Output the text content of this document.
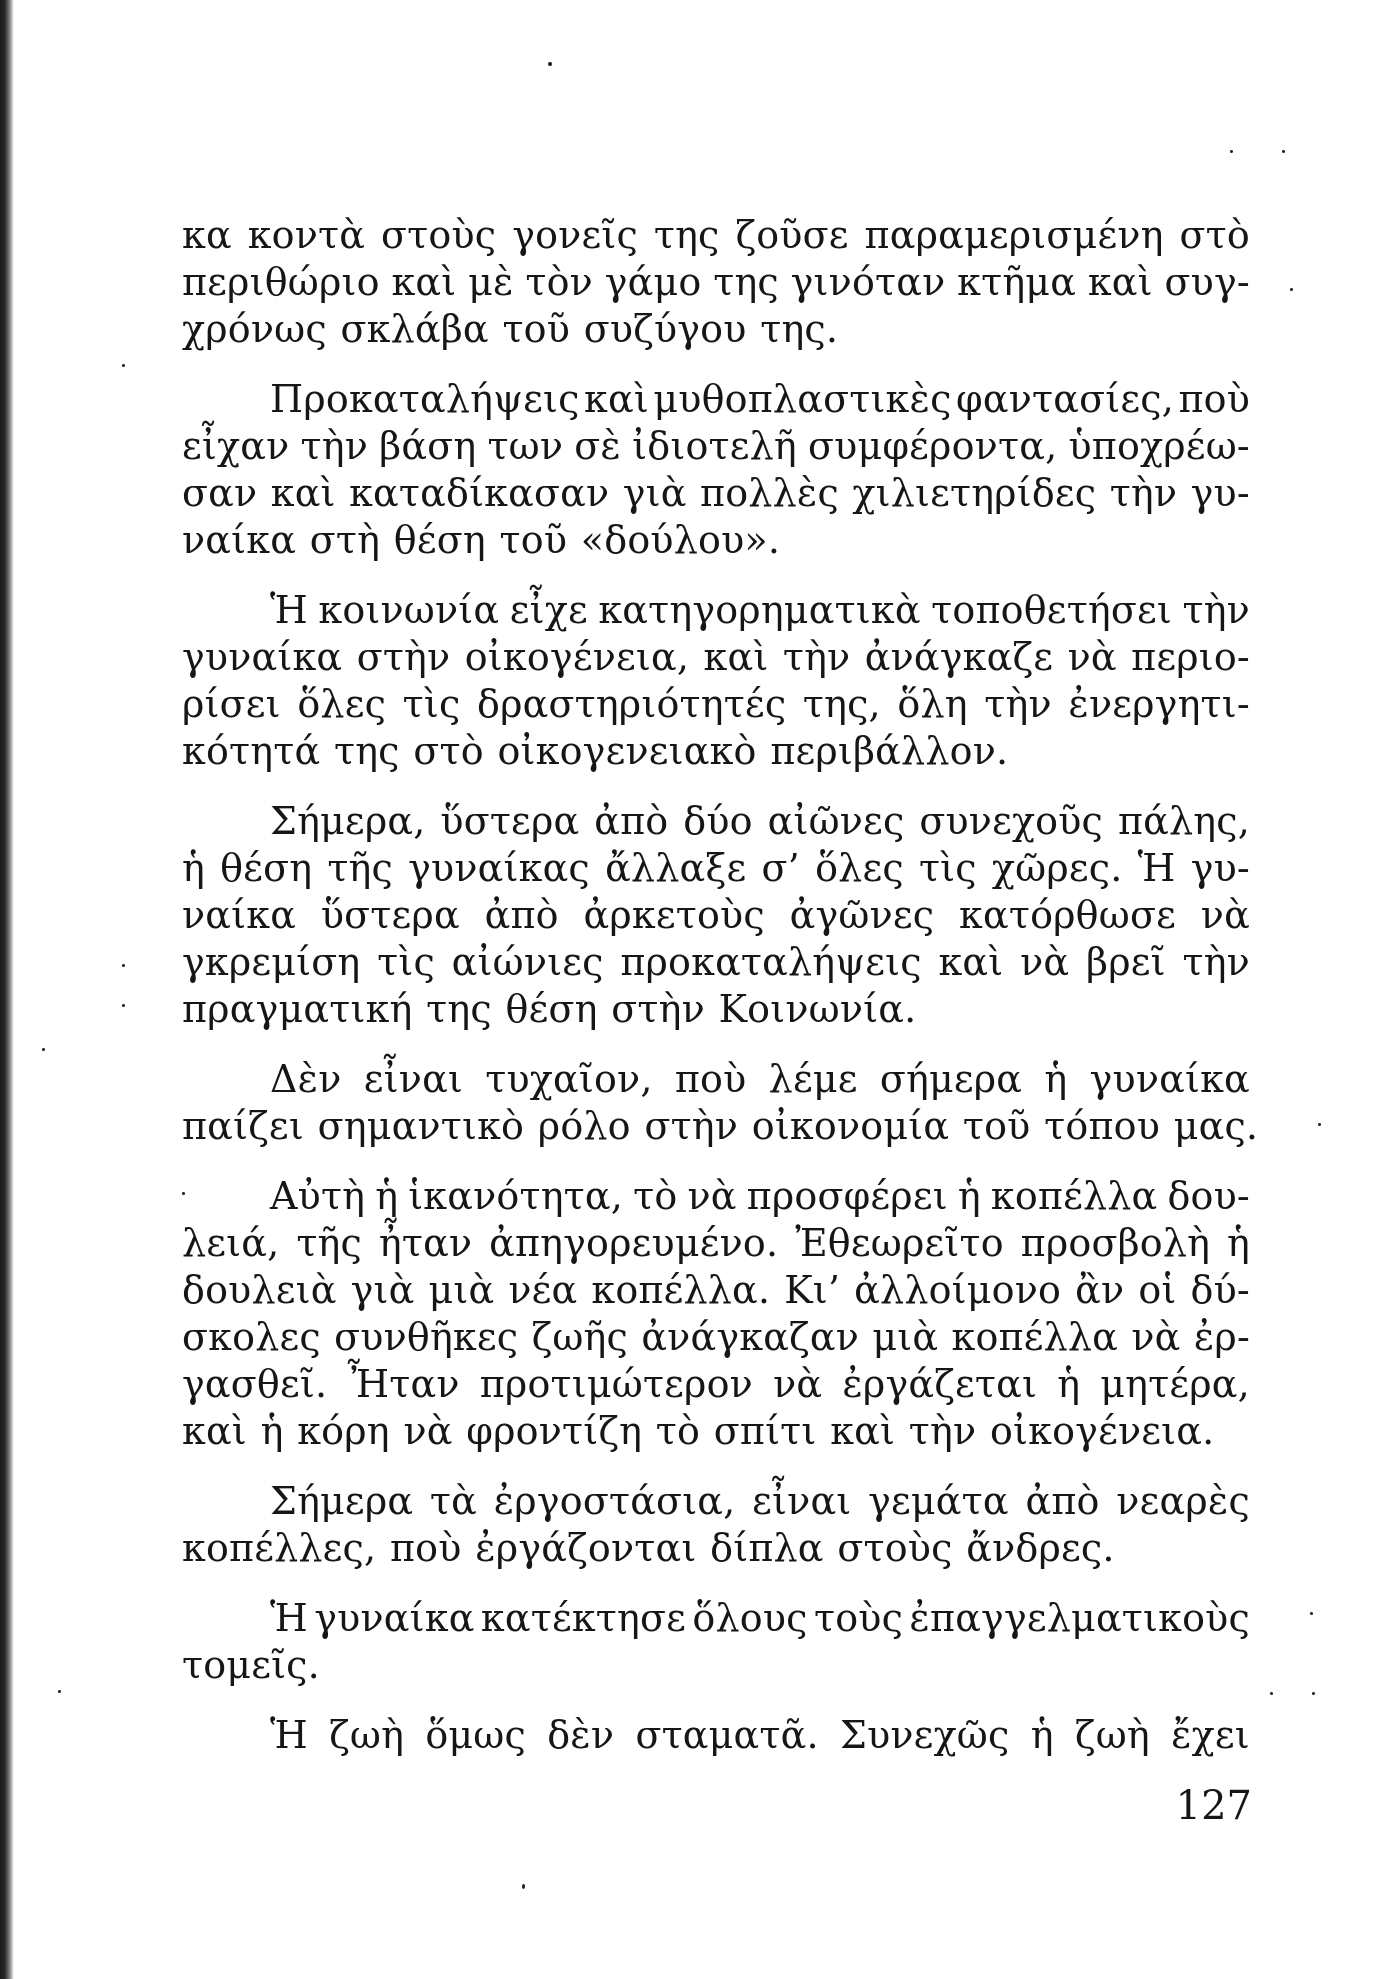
κα κοντὰ στοὺς γονεῖς της ζοῦσε παραμερισμένη στὸ
περιθώριο καὶ μὲ τὸν γάμο της γινόταν κτῆμα καὶ συγ-
χρόνως σκλάβα τοῦ συζύγου της.
Προκαταλήψεις καὶ μυθοπλαστικὲς φαντασίες, ποὺ
εἶχαν τὴν βάση των σὲ ἰδιοτελῆ συμφέροντα, ὑποχρέω-
σαν καὶ καταδίκασαν γιὰ πολλὲς χιλιετηρίδες τὴν γυ-
ναίκα στὴ θέση τοῦ «δούλου».
Ἡ κοινωνία εἶχε κατηγορηματικὰ τοποθετήσει τὴν
γυναίκα στὴν οἰκογένεια, καὶ τὴν ἀνάγκαζε νὰ περιο-
ρίσει ὅλες τὶς δραστηριότητές της, ὅλη τὴν ἐνεργητι-
κότητά της στὸ οἰκογενειακὸ περιβάλλον.
Σήμερα, ὕστερα ἀπὸ δύο αἰῶνες συνεχοῦς πάλης,
ἡ θέση τῆς γυναίκας ἄλλαξε σ’ ὅλες τὶς χῶρες. Ἡ γυ-
ναίκα ὕστερα ἀπὸ ἀρκετοὺς ἀγῶνες κατόρθωσε νὰ
γκρεμίση τὶς αἰώνιες προκαταλήψεις καὶ νὰ βρεῖ τὴν
πραγματική της θέση στὴν Κοινωνία.
Δὲν εἶναι τυχαῖον, ποὺ λέμε σήμερα ἡ γυναίκα
παίζει σημαντικὸ ρόλο στὴν οἰκονομία τοῦ τόπου μας.
Αὐτὴ ἡ ἱκανότητα, τὸ νὰ προσφέρει ἡ κοπέλλα δου-
λειά, τῆς ἦταν ἀπηγορευμένο. Ἐθεωρεῖτο προσβολὴ ἡ
δουλειὰ γιὰ μιὰ νέα κοπέλλα. Κι’ ἀλλοίμονο ἂν οἱ δύ-
σκολες συνθῆκες ζωῆς ἀνάγκαζαν μιὰ κοπέλλα νὰ ἐρ-
γασθεῖ. Ἦταν προτιμώτερον νὰ ἐργάζεται ἡ μητέρα,
καὶ ἡ κόρη νὰ φροντίζη τὸ σπίτι καὶ τὴν οἰκογένεια.
Σήμερα τὰ ἐργοστάσια, εἶναι γεμάτα ἀπὸ νεαρὲς
κοπέλλες, ποὺ ἐργάζονται δίπλα στοὺς ἄνδρες.
Ἡ γυναίκα κατέκτησε ὅλους τοὺς ἐπαγγελματικοὺς
τομεῖς.
Ἡ ζωὴ ὅμως δὲν σταματᾶ. Συνεχῶς ἡ ζωὴ ἔχει
127
